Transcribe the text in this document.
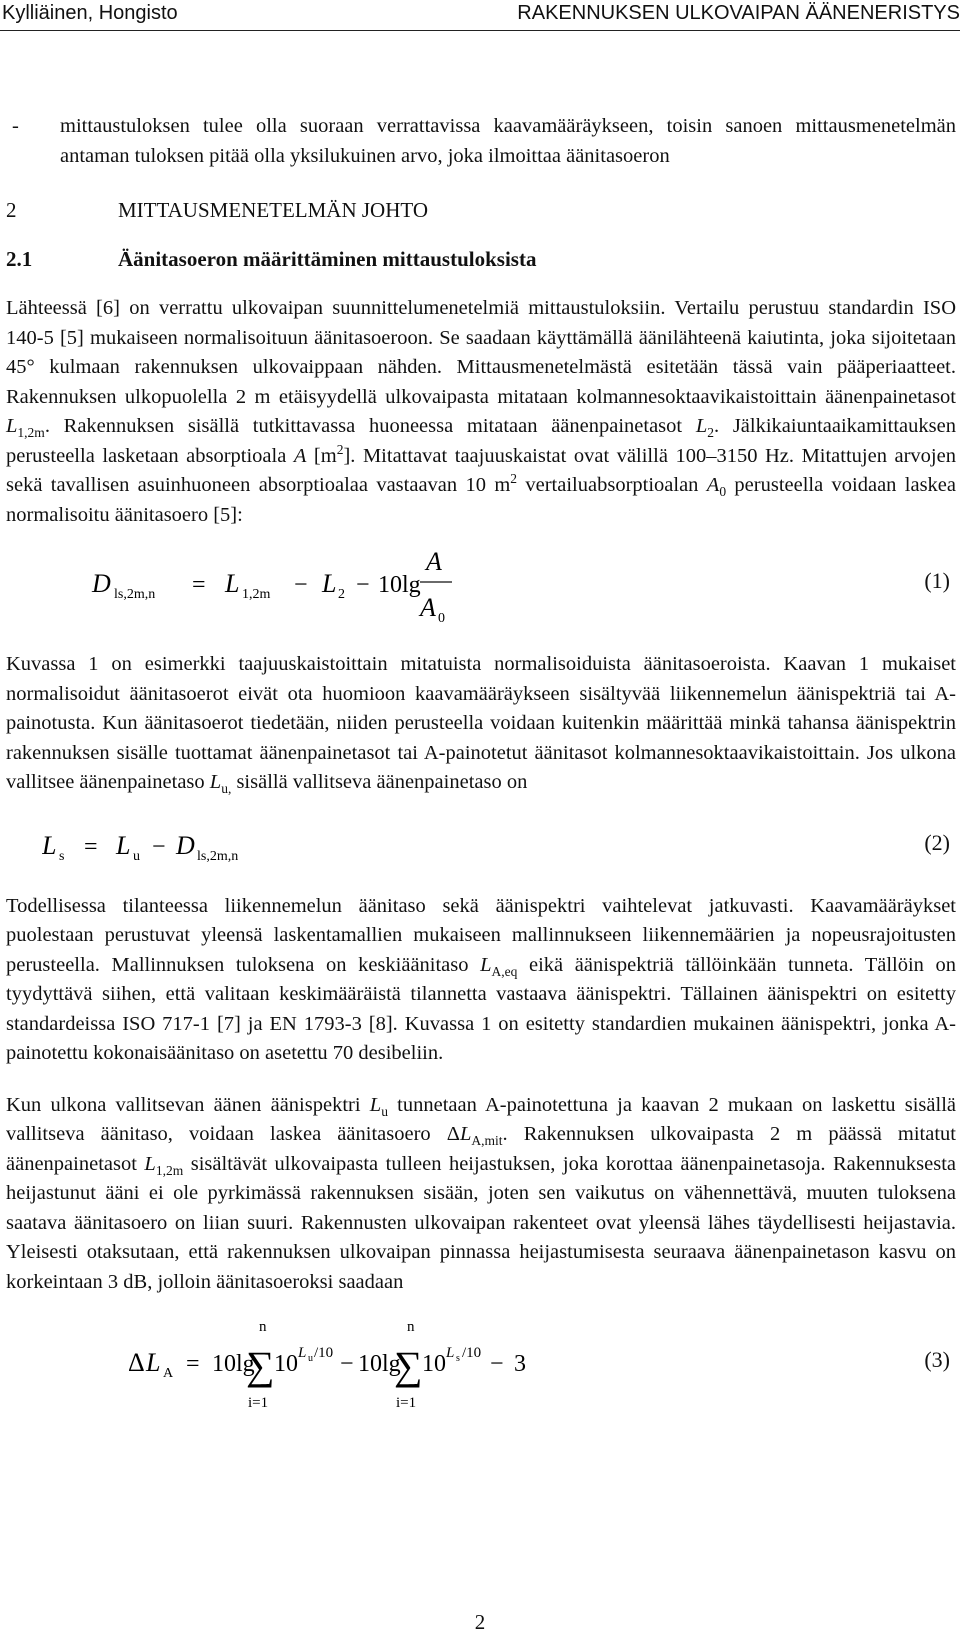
Kylliäinen, Hongisto	RAKENNUKSEN ULKOVAIPAN ÄÄNENERISTYS
-	mittaustuloksen tulee olla suoraan verrattavissa kaavamääräykseen, toisin sanoen mittausmenetelmän antaman tuloksen pitää olla yksilukuinen arvo, joka ilmoittaa äänitasoeron
2	MITTAUSMENETELMÄN JOHTO
2.1	Äänitasoeron määrittäminen mittaustuloksista

Lähteessä [6] on verrattu ulkovaipan suunnittelumenetelmiä mittaustuloksiin. Vertailu perustuu standardin ISO 140-5 [5] mukaiseen normalisoituun äänitasoeroon. Se saadaan käyttämällä äänilähteenä kaiutinta, joka sijoitetaan 45° kulmaan rakennuksen ulkovaippaan nähden. Mittausmenetelmästä esitetään tässä vain pääperiaatteet. Rakennuksen ulkopuolella 2 m etäisyydellä ulkovaipasta mitataan kolmannesoktaavikaistoittain äänenpainetasot $L_{1,2m}$. Rakennuksen sisällä tutkittavassa huoneessa mitataan äänenpainetasot $L_2$. Jälkikaiuntaaikamittauksen perusteella lasketaan absorptioala A $[m^2]$. Mitattavat taajuuskaistat ovat välillä 100–3150 Hz. Mitattujen arvojen sekä tavallisen asuinhuoneen absorptioalaa vastaavan 10 $m^2$ vertailuabsorptioalan $A_0$ perusteella voidaan laskea normalisoitu äänitasoero [5]:

D ls,2m,n = L 1,2m − L 2 − 10lg
A
A 0
(1)

Kuvassa 1 on esimerkki taajuuskaistoittain mitatuista normalisoiduista äänitasoeroista. Kaavan 1 mukaiset normalisoidut äänitasoerot eivät ota huomioon kaavamääräykseen sisältyvää liikennemelun äänispektriä tai A-painotusta. Kun äänitasoerot tiedetään, niiden perusteella voidaan kuitenkin määrittää minkä tahansa äänispektrin rakennuksen sisälle tuottamat äänenpainetasot tai A-painotetut äänitasot kolmannesoktaavikaistoittain. Jos ulkona vallitsee äänenpainetaso $L_{u,}$ sisällä vallitseva äänenpainetaso on

L s = L u − D ls,2m,n
(2)

Todellisessa tilanteessa liikennemelun äänitaso sekä äänispektri vaihtelevat jatkuvasti. Kaavamääräykset puolestaan perustuvat yleensä laskentamallien mukaiseen mallinnukseen liikennemäärien ja nopeusrajoitusten perusteella. Mallinnuksen tuloksena on keskiäänitaso $L_{A,eq}$ eikä äänispektriä tällöinkään tunneta. Tällöin on tyydyttävä siihen, että valitaan keskimääräistä tilannetta vastaava äänispektri. Tällainen äänispektri on esitetty standardeissa ISO 717-1 [7] ja EN 1793-3 [8]. Kuvassa 1 on esitetty standardien mukainen äänispektri, jonka A-painotettu kokonaisäänitaso on asetettu 70 desibeliin.

Kun ulkona vallitsevan äänen äänispektri $L_u$ tunnetaan A-painotettuna ja kaavan 2 mukaan on laskettu sisällä vallitseva äänitaso, voidaan laskea äänitasoero $\Delta L_{A,mit}$. Rakennuksen ulkovaipasta 2 m päässä mitatut äänenpainetasot $L_{1,2m}$ sisältävät ulkovaipasta tulleen heijastuksen, joka korottaa äänenpainetasoja. Rakennuksesta heijastunut ääni ei ole pyrkimässä rakennuksen sisään, joten sen vaikutus on vähennettävä, muuten tuloksena saatava äänitasoero on liian suuri. Rakennusten ulkovaipan rakenteet ovat yleensä lähes täydellisesti heijastavia. Yleisesti otaksutaan, että rakennuksen ulkovaipan pinnassa heijastumisesta seuraava äänenpainetason kasvu on korkeintaan 3 dB, jolloin äänitasoeroksi saadaan

Δ L A = 10lg
n
∑
i=1
10 L u /10 − 10lg
n
∑
i=1
10 L s /10 − 3	(3)
2
